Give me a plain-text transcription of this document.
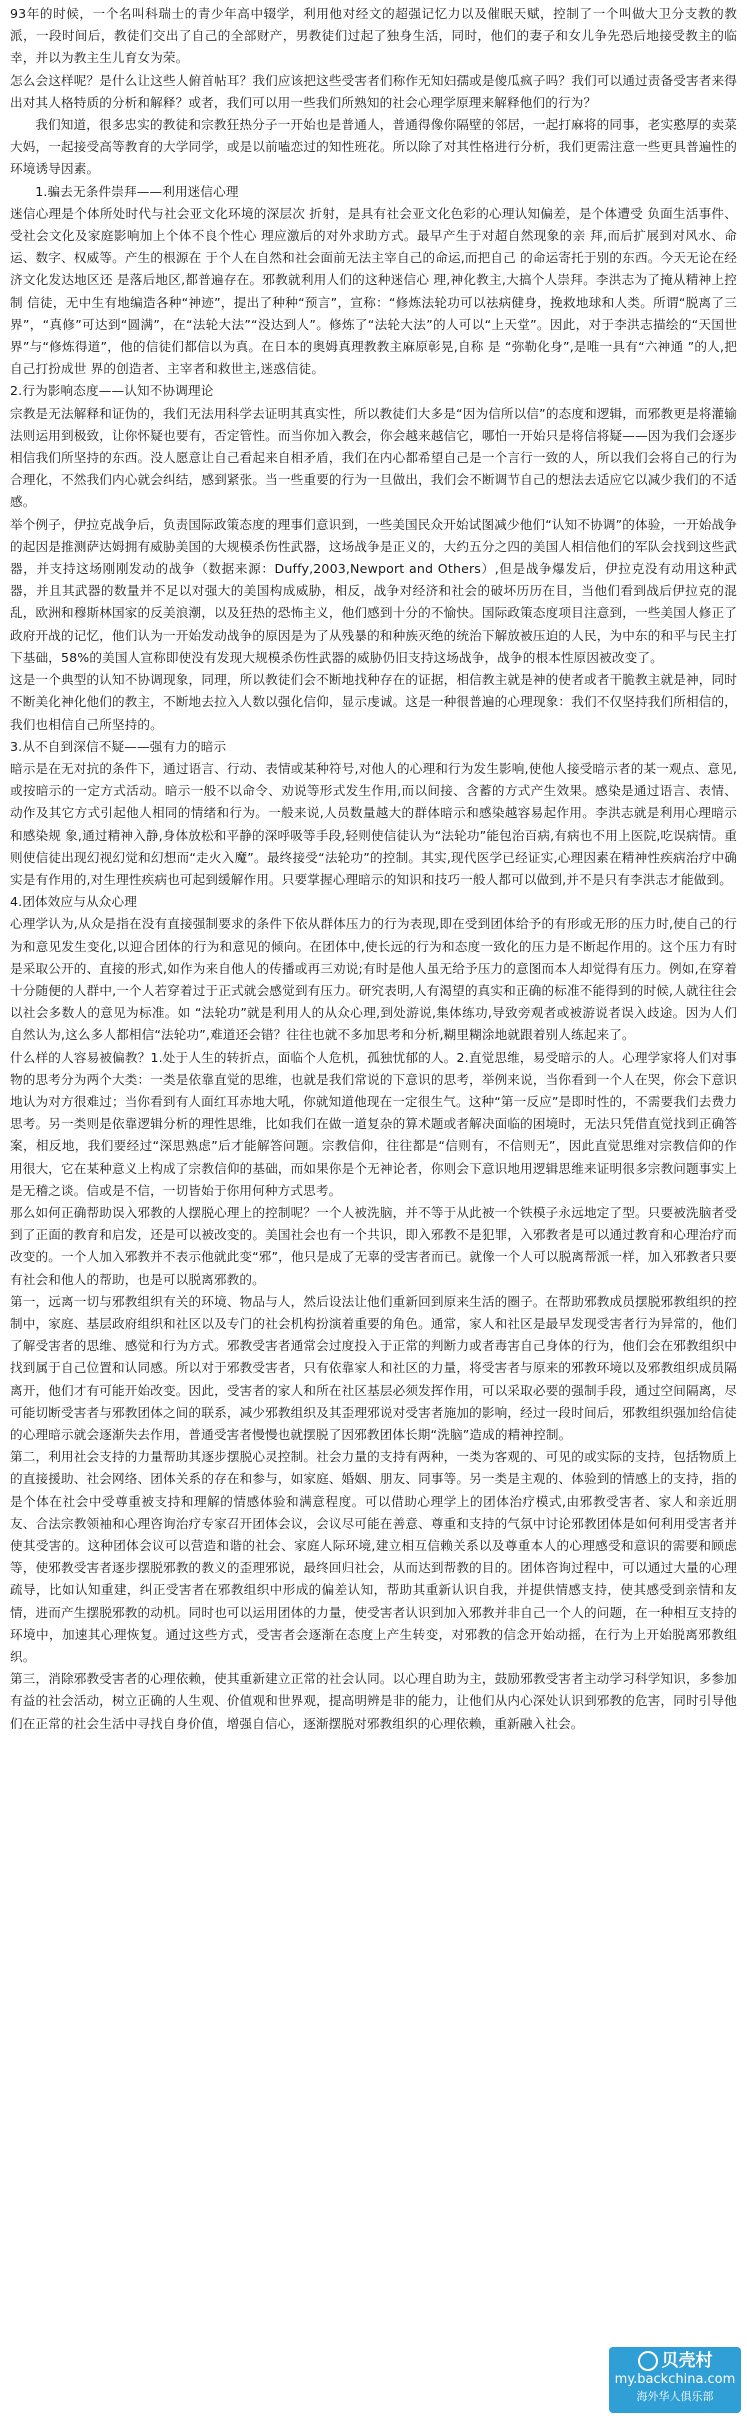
93年的时候，一个名叫科瑞士的青少年高中辍学，利用他对经文的超强记忆力以及催眠天赋，控制了一个叫做大卫分支教的教派，一段时间后，教徒们交出了自己的全部财产，男教徒们过起了独身生活，同时，他们的妻子和女儿争先恐后地接受教主的临幸，并以为教主生儿育女为荣。

怎么会这样呢？是什么让这些人俯首帖耳？我们应该把这些受害者们称作无知妇孺或是傻瓜疯子吗？我们可以通过责备受害者来得出对其人格特质的分析和解释？或者，我们可以用一些我们所熟知的社会心理学原理来解释他们的行为？

我们知道，很多忠实的教徒和宗教狂热分子一开始也是普通人，普通得像你隔壁的邻居，一起打麻将的同事，老实憨厚的卖菜大妈，一起接受高等教育的大学同学，或是以前嗑恋过的知性班花。所以除了对其性格进行分析，我们更需注意一些更具普遍性的环境诱导因素。

1.骗去无条件崇拜——利用迷信心理

迷信心理是个体所处时代与社会亚文化环境的深层次 折射，是具有社会亚文化色彩的心理认知偏差，是个体遭受 负面生活事件、受社会文化及家庭影响加上个体不良个性心 理应激后的对外求助方式。最早产生于对超自然现象的亲 拜,而后扩展到对风水、命运、数字、权威等。产生的根源在 于个人在自然和社会面前无法主宰自己的命运,而把自己 的命运寄托于别的东西。今天无论在经济文化发达地区还 是落后地区,都普遍存在。邪教就利用人们的这种迷信心 理,神化教主,大搞个人崇拜。李洪志为了掩从精神上控制 信徒，无中生有地编造各种“神迹”，提出了种种“预言”，宣称：“修炼法轮功可以祛病健身，挽救地球和人类。所谓“脱离了三界”，“真修”可达到“圆满”，在“法轮大法”“没达到人”。修炼了“法轮大法”的人可以“上天堂”。因此，对于李洪志描绘的“天国世界”与“修炼得道”，他的信徒们都信以为真。在日本的奥姆真理教教主麻原彰晃,自称 是 “弥勒化身”,是唯一具有“六神通 ”的人,把自己打扮成世 界的创造者、主宰者和救世主,迷惑信徒。

2.行为影响态度——认知不协调理论

宗教是无法解释和证伪的，我们无法用科学去证明其真实性，所以教徒们大多是“因为信所以信”的态度和逻辑，而邪教更是将灌输法则运用到极致，让你怀疑也要有，否定管性。而当你加入教会，你会越来越信它，哪怕一开始只是将信将疑——因为我们会逐步相信我们所坚持的东西。没人愿意让自己看起来自相矛盾，我们在内心都希望自己是一个言行一致的人，所以我们会将自己的行为合理化，不然我们内心就会纠结，感到紧张。当一些重要的行为一旦做出，我们会不断调节自己的想法去适应它以减少我们的不适感。

举个例子，伊拉克战争后，负责国际政策态度的理事们意识到，一些美国民众开始试图减少他们“认知不协调”的体验，一开始战争的起因是推测萨达姆拥有威胁美国的大规模杀伤性武器，这场战争是正义的，大约五分之四的美国人相信他们的军队会找到这些武器，并支持这场刚刚发动的战争（数据来源：Duffy,2003,Newport and Others）,但是战争爆发后，伊拉克没有动用这种武器，并且其武器的数量并不足以对强大的美国构成威胁，相反，战争对经济和社会的破坏历历在目，当他们看到战后伊拉克的混乱，欧洲和穆斯林国家的反美浪潮，以及狂热的恐怖主义，他们感到十分的不愉快。国际政策态度项目注意到，一些美国人修正了政府开战的记忆，他们认为一开始发动战争的原因是为了从残暴的和种族灭绝的统治下解放被压迫的人民，为中东的和平与民主打下基础，58%的美国人宣称即使没有发现大规模杀伤性武器的威胁仍旧支持这场战争，战争的根本性原因被改变了。

这是一个典型的认知不协调现象，同理，所以教徒们会不断地找种存在的证据，相信教主就是神的使者或者干脆教主就是神，同时不断美化神化他们的教主，不断地去拉入人数以强化信仰，显示虔诚。这是一种很普遍的心理现象：我们不仅坚持我们所相信的，我们也相信自己所坚持的。

3.从不自到深信不疑——强有力的暗示

暗示是在无对抗的条件下，通过语言、行动、表情或某种符号,对他人的心理和行为发生影响,使他人接受暗示者的某一观点、意见,或按暗示的一定方式活动。暗示一般不以命令、劝说等形式发生作用,而以间接、含蓄的方式产生效果。感染是通过语言、表情、动作及其它方式引起他人相同的情绪和行为。一般来说,人员数量越大的群体暗示和感染越容易起作用。李洪志就是利用心理暗示和感染规 象,通过精神入静,身体放松和平静的深呼吸等手段,轻则使信徒认为“法轮功”能包治百病,有病也不用上医院,吃误病情。重则使信徒出现幻视幻觉和幻想而“走火入魔”。最终接受“法轮功”的控制。其实,现代医学已经证实,心理因素在精神性疾病治疗中确实是有作用的,对生理性疾病也可起到缓解作用。只要掌握心理暗示的知识和技巧一般人都可以做到,并不是只有李洪志才能做到。

4.团体效应与从众心理

心理学认为,从众是指在没有直接强制要求的条件下依从群体压力的行为表现,即在受到团体给予的有形或无形的压力时,使自己的行为和意见发生变化,以迎合团体的行为和意见的倾向。在团体中,使长远的行为和态度一致化的压力是不断起作用的。这个压力有时是采取公开的、直接的形式,如作为来自他人的传播或再三劝说;有时是他人虽无给予压力的意图而本人却觉得有压力。例如,在穿着十分随便的人群中,一个人若穿着过于正式就会感觉到有压力。研究表明,人有渴望的真实和正确的标准不能得到的时候,人就往往会以社会多数人的意见为标准。如 “法轮功”就是利用人的从众心理,到处游说,集体练功,导致旁观者或被游说者误入歧途。因为人们自然认为,这么多人都相信“法轮功”,难道还会错？往往也就不多加思考和分析,糊里糊涂地就跟着别人练起来了。

什么样的人容易被偏教？1.处于人生的转折点，面临个人危机，孤独忧郁的人。2.直觉思维，易受暗示的人。心理学家将人们对事物的思考分为两个大类：一类是依靠直觉的思维，也就是我们常说的下意识的思考，举例来说，当你看到一个人在哭，你会下意识地认为对方很难过；当你看到有人面红耳赤地大吼，你就知道他现在一定很生气。这种“第一反应”是即时性的，不需要我们去费力思考。另一类则是依靠逻辑分析的理性思维，比如我们在做一道复杂的算术题或者解决面临的困境时，无法只凭借直觉找到正确答案，相反地，我们要经过“深思熟虑”后才能解答问题。宗教信仰，往往都是“信则有，不信则无”，因此直觉思维对宗教信仰的作用很大，它在某种意义上构成了宗教信仰的基础，而如果你是个无神论者，你则会下意识地用逻辑思维来证明很多宗教问题事实上是无稽之谈。信或是不信，一切皆始于你用何种方式思考。

那么如何正确帮助误入邪教的人摆脱心理上的控制呢？一个人被洗脑，并不等于从此被一个铁模子永远地定了型。只要被洗脑者受到了正面的教育和启发，还是可以被改变的。美国社会也有一个共识，即入邪教不是犯罪，入邪教者是可以通过教育和心理治疗而改变的。一个人加入邪教并不表示他就此变“邪”，他只是成了无辜的受害者而已。就像一个人可以脱离帮派一样，加入邪教者只要有社会和他人的帮助，也是可以脱离邪教的。

第一，远离一切与邪教组织有关的环境、物品与人，然后设法让他们重新回到原来生活的圈子。在帮助邪教成员摆脱邪教组织的控制中，家庭、基层政府组织和社区以及专门的社会机构扮演着重要的角色。通常，家人和社区是最早发现受害者行为异常的，他们了解受害者的思维、感觉和行为方式。邪教受害者通常会过度投入于正常的判断力或者毒害自己身体的行为，他们会在邪教组织中找到属于自己位置和认同感。所以对于邪教受害者，只有依靠家人和社区的力量，将受害者与原来的邪教环境以及邪教组织成员隔离开，他们才有可能开始改变。因此，受害者的家人和所在社区基层必须发挥作用，可以采取必要的强制手段，通过空间隔离，尽可能切断受害者与邪教团体之间的联系，减少邪教组织及其歪理邪说对受害者施加的影响，经过一段时间后，邪教组织强加给信徒的心理暗示就会逐渐失去作用，普通受害者慢慢也就摆脱了因邪教团体长期“洗脑”造成的精神控制。

第二，利用社会支持的力量帮助其逐步摆脱心灵控制。社会力量的支持有两种，一类为客观的、可见的或实际的支持，包括物质上的直接援助、社会网络、团体关系的存在和参与，如家庭、婚姻、朋友、同事等。另一类是主观的、体验到的情感上的支持，指的是个体在社会中受尊重被支持和理解的情感体验和满意程度。可以借助心理学上的团体治疗模式,由邪教受害者、家人和亲近朋友、合法宗教领袖和心理咨询治疗专家召开团体会议，会议尽可能在善意、尊重和支持的气氛中讨论邪教团体是如何利用受害者并使其受害的。这种团体会议可以营造和谐的社会、家庭人际环境,建立相互信赖关系以及尊重本人的心理感受和意识的需要和顾虑等，使邪教受害者逐步摆脱邪教的教义的歪理邪说，最终回归社会，从而达到帮教的目的。团体咨询过程中，可以通过大量的心理疏导，比如认知重建，纠正受害者在邪教组织中形成的偏差认知，帮助其重新认识自我，并提供情感支持，使其感受到亲情和友情，进而产生摆脱邪教的动机。同时也可以运用团体的力量，使受害者认识到加入邪教并非自己一个人的问题，在一种相互支持的环境中，加速其心理恢复。通过这些方式，受害者会逐渐在态度上产生转变，对邪教的信念开始动摇，在行为上开始脱离邪教组织。

第三，消除邪教受害者的心理依赖，使其重新建立正常的社会认同。以心理自助为主，鼓励邪教受害者主动学习科学知识，多参加有益的社会活动，树立正确的人生观、价值观和世界观，提高明辨是非的能力，让他们从内心深处认识到邪教的危害，同时引导他们在正常的社会生活中寻找自身价值，增强自信心，逐渐摆脱对邪教组织的心理依赖，重新融入社会。

贝壳村
my.backchina.com
海外华人俱乐部
